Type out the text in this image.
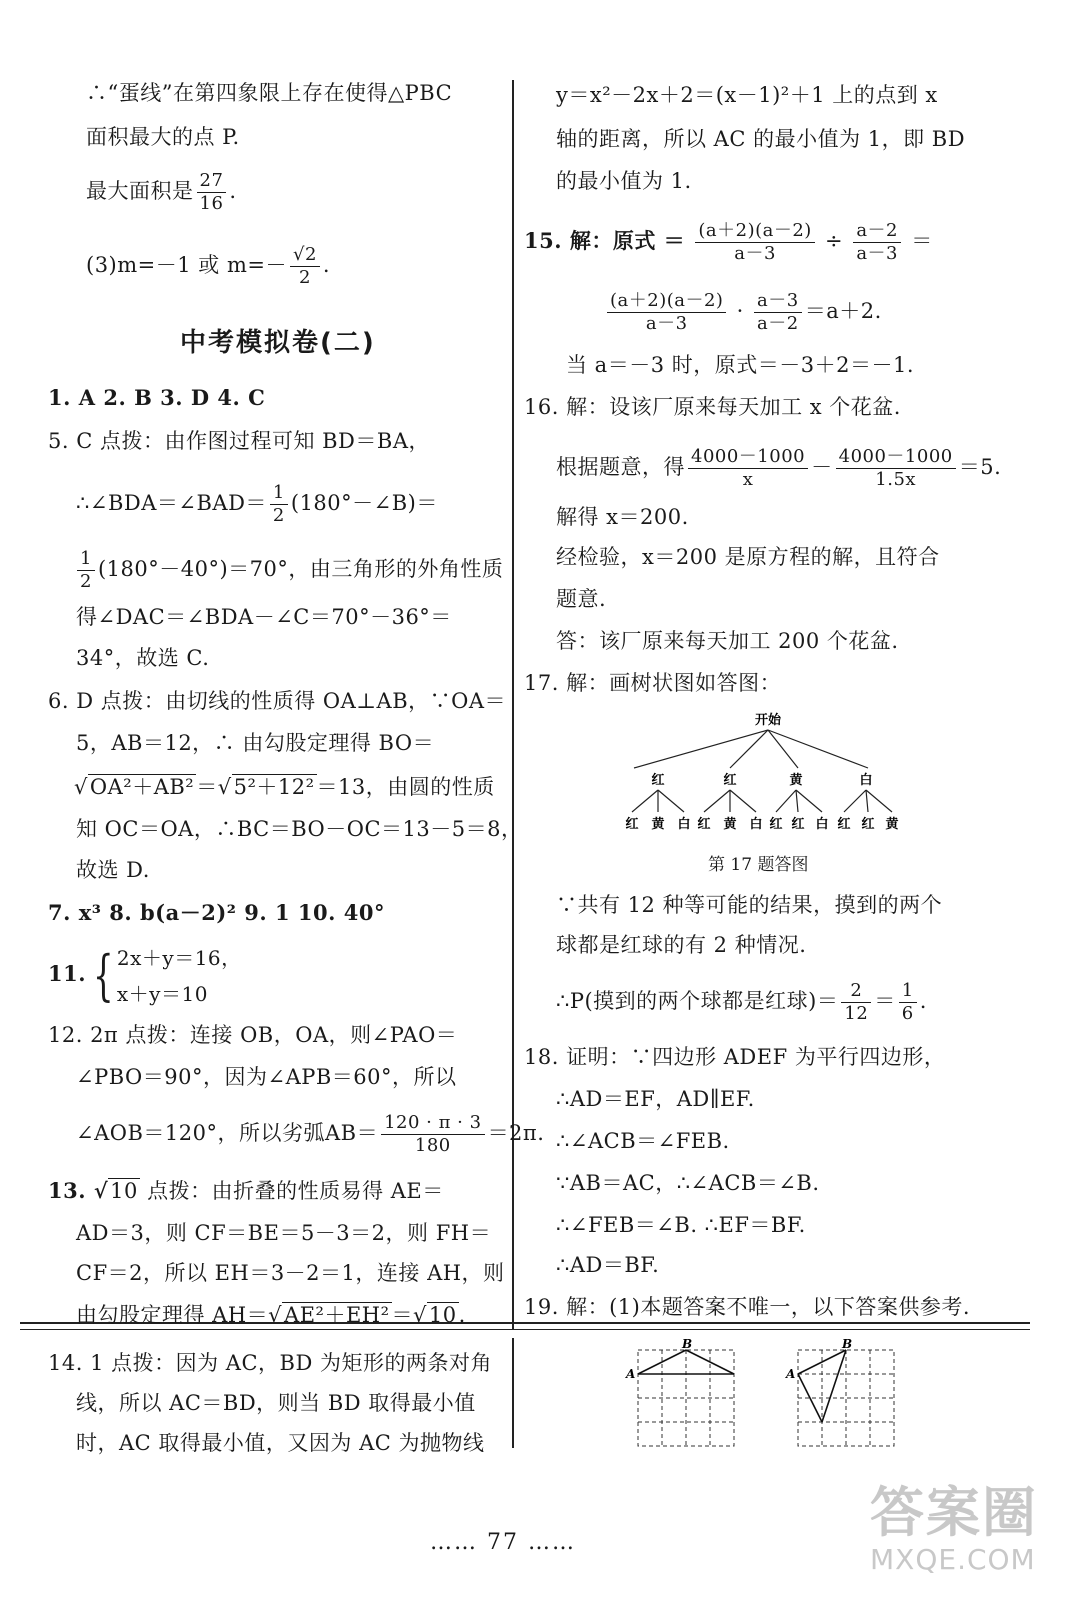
∴“蛋线”在第四象限上存在使得△PBC
面积最大的点 P.
最大面积是 $\frac{27}{16}$ .
(3)m=－1 或 $m=- \frac{√2}{2}$ .
中考模拟卷(二)
1. A 2. B 3. D 4. C
5. C 点拨：由作图过程可知 BD＝BA，
∴∠BDA＝∠BAD＝ $\frac{1}{2}$ (180°－∠B)＝
$\frac{1}{2} (180^\circ-40^\circ)=70^\circ$，由三角形的外角性质
得∠DAC＝∠BDA－∠C＝70°－36°＝
34°，故选 C.
6. D 点拨：由切线的性质得 OA⊥AB，∵OA＝
5，AB＝12，∴ 由勾股定理得 BO＝
√OA²＋AB²＝√5²＋12²＝13，由圆的性质
知 OC＝OA，∴BC＝BO－OC＝13－5＝8，
故选 D.
7. x³ 8. b(a－2)² 9. 1 10. 40°
11. { 2x＋y＝16，
x＋y＝10
12. 2π 点拨：连接 OB，OA，则∠PAO＝
∠PBO＝90°，因为∠APB＝60°，所以
∠AOB＝120°，所以劣弧$AB= \frac{120 \cdot \pi \cdot 3}{180} =2\pi$.
13. √10 点拨：由折叠的性质易得 AE＝
AD＝3，则 CF＝BE＝5－3＝2，则 FH＝
CF＝2，所以 EH＝3－2＝1，连接 AH，则
由勾股定理得 AH＝√AE²＋EH²＝√10.
14. 1 点拨：因为 AC，BD 为矩形的两条对角
线，所以 AC＝BD，则当 BD 取得最小值
时，AC 取得最小值，又因为 AC 为抛物线
y＝x²－2x＋2＝(x－1)²＋1 上的点到 x
轴的距离，所以 AC 的最小值为 1，即 BD
的最小值为 1.
15. 解：原式 ＝ $\frac{(a+2)(a-2)}{a-3} \div \frac{a-2}{a-3}$ ＝
$\frac{(a+2)(a-2)}{a-3} \cdot \frac{a-3}{a-2} =a+2$.
当 a＝－3 时，原式＝－3＋2＝－1.
16. 解：设该厂原来每天加工 x 个花盆.
根据题意，得 $\frac{4000-1000}{x} - \frac{4000-1000}{1.5x} =5$.
解得 x＝200.
经检验，x＝200 是原方程的解，且符合
题意.
答：该厂原来每天加工 200 个花盆.
17. 解：画树状图如答图：
开始
红	红	黄	白
红 黄 白 红 黄 白 红 红 白 红 红 黄
第 17 题答图
∵共有 12 种等可能的结果，摸到的两个
球都是红球的有 2 种情况.
∴P(摸到的两个球都是红球)＝ $\frac{2}{12} = \frac{1}{6}$ .
18. 证明：∵四边形 ADEF 为平行四边形，
∴AD＝EF，AD∥EF.
∴∠ACB＝∠FEB.
∵AB＝AC，∴∠ACB＝∠B.
∴∠FEB＝∠B. ∴EF＝BF.
∴AD＝BF.
19. 解：(1)本题答案不唯一，以下答案供参考.
B
A
B
A
…… 77 ……	答案圈
MXQE.COM
